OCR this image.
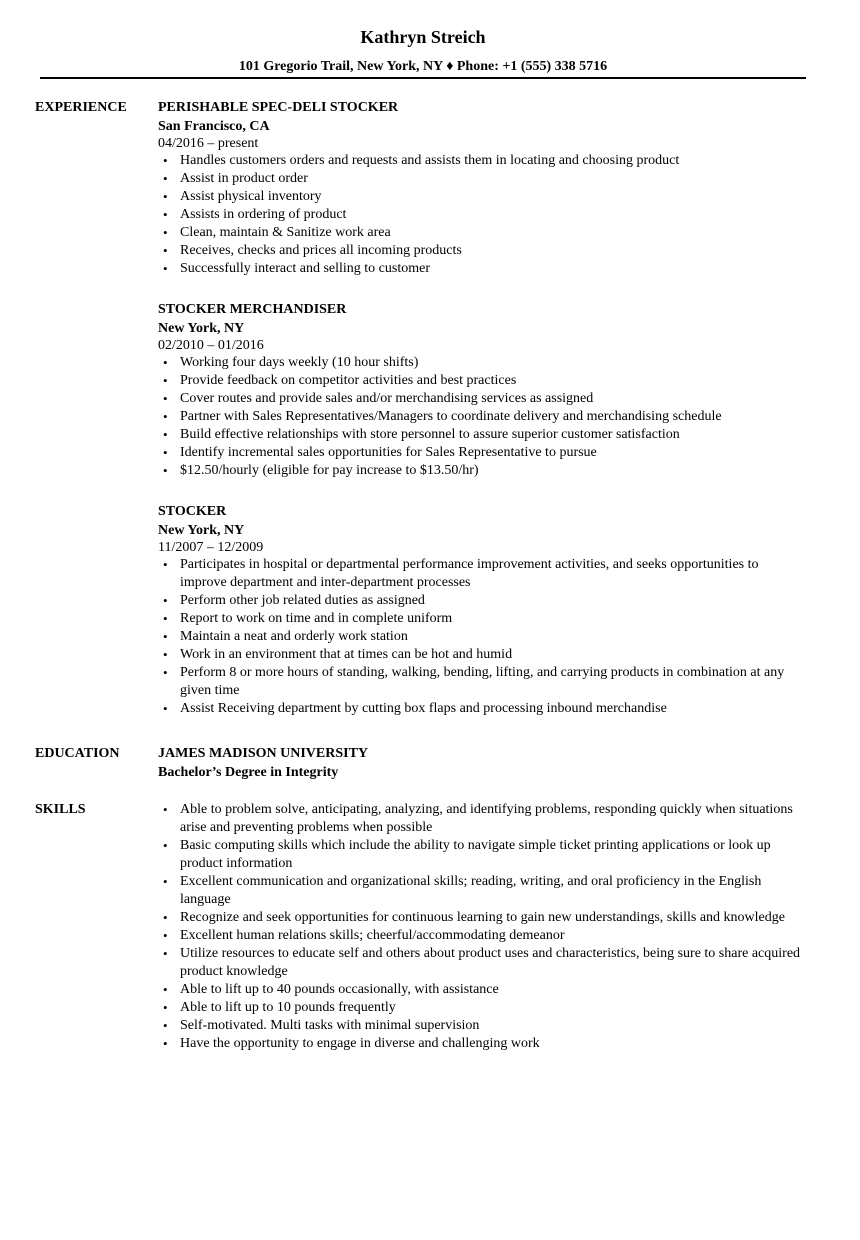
Kathryn Streich
101 Gregorio Trail, New York, NY ♦ Phone: +1 (555) 338 5716
EXPERIENCE PERISHABLE SPEC-DELI STOCKER
San Francisco, CA
04/2016 – present
• Handles customers orders and requests and assists them in locating and choosing product
• Assist in product order
• Assist physical inventory
• Assists in ordering of product
• Clean, maintain & Sanitize work area
• Receives, checks and prices all incoming products
• Successfully interact and selling to customer
STOCKER MERCHANDISER
New York, NY
02/2010 – 01/2016
• Working four days weekly (10 hour shifts)
• Provide feedback on competitor activities and best practices
• Cover routes and provide sales and/or merchandising services as assigned
• Partner with Sales Representatives/Managers to coordinate delivery and merchandising schedule
• Build effective relationships with store personnel to assure superior customer satisfaction
• Identify incremental sales opportunities for Sales Representative to pursue
• $12.50/hourly (eligible for pay increase to $13.50/hr)
STOCKER
New York, NY
11/2007 – 12/2009
• Participates in hospital or departmental performance improvement activities, and seeks opportunities to improve department and inter-department processes
• Perform other job related duties as assigned
• Report to work on time and in complete uniform
• Maintain a neat and orderly work station
• Work in an environment that at times can be hot and humid
• Perform 8 or more hours of standing, walking, bending, lifting, and carrying products in combination at any given time
• Assist Receiving department by cutting box flaps and processing inbound merchandise
EDUCATION	JAMES MADISON UNIVERSITY
Bachelor’s Degree in Integrity
SKILLS
•	Able to problem solve, anticipating, analyzing, and identifying problems, responding quickly when situations arise and preventing problems when possible
• Basic computing skills which include the ability to navigate simple ticket printing applications or look up product information
• Excellent communication and organizational skills; reading, writing, and oral proficiency in the English language
• Recognize and seek opportunities for continuous learning to gain new understandings, skills and knowledge
• Excellent human relations skills; cheerful/accommodating demeanor
• Utilize resources to educate self and others about product uses and characteristics, being sure to share acquired product knowledge
• Able to lift up to 40 pounds occasionally, with assistance
• Able to lift up to 10 pounds frequently
• Self-motivated. Multi tasks with minimal supervision
• Have the opportunity to engage in diverse and challenging work
